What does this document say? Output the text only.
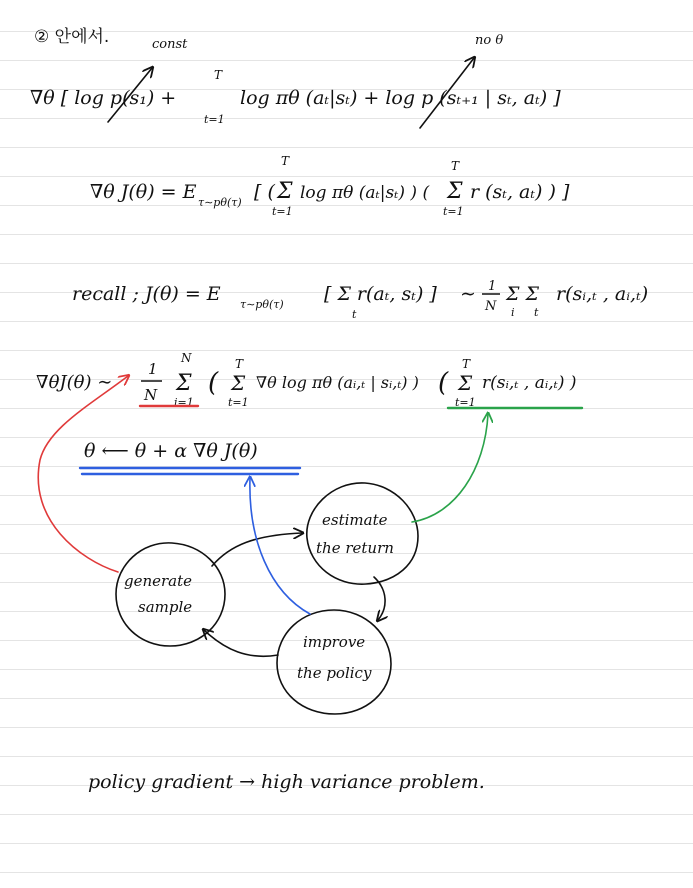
② 안에서.	const	no θ
∇θ [ log p(s₁) +
T
t=1
log πθ (aₜ|sₜ) + log p (sₜ₊₁ | sₜ, aₜ) ]
∇θ J(θ) = E τ∼pθ(τ) [ (
T
Σ
t=1
log πθ (aₜ|sₜ) ) (
T
Σ
t=1
r (sₜ, aₜ) ) ]
recall ; J(θ) = E τ∼pθ(τ) [ Σ r(aₜ, sₜ) ]
t
∼ 1
N
Σ Σ
i t
r(sᵢ,ₜ , aᵢ,ₜ)
∇θJ(θ) ∼
1
N
N
Σ
i=1
(
T
Σ
t=1
∇θ log πθ (aᵢ,ₜ | sᵢ,ₜ) ) (
T
Σ
t=1
r(sᵢ,ₜ , aᵢ,ₜ) )
θ ⟵ θ + α ∇θ J(θ)
estimate
the return
generate
sample
improve
the policy
policy gradient → high variance problem.
